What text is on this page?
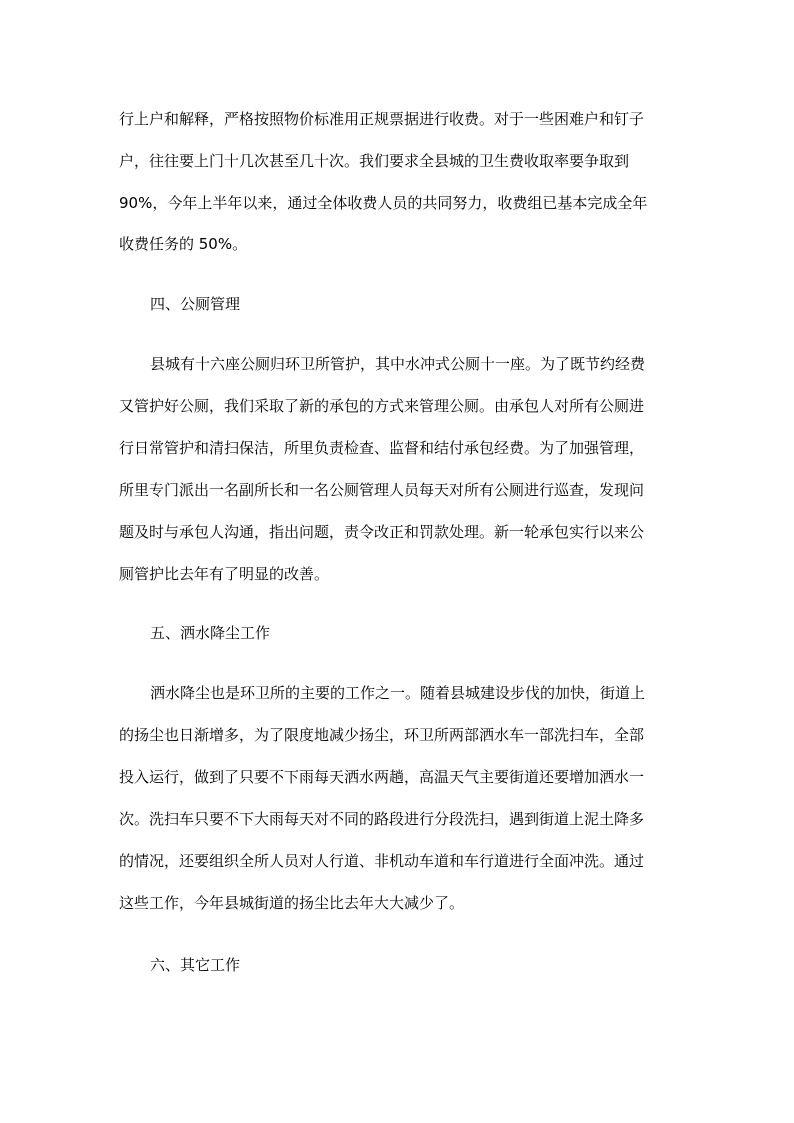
行上户和解释，严格按照物价标准用正规票据进行收费。对于一些困难户和钉子
户，往往要上门十几次甚至几十次。我们要求全县城的卫生费收取率要争取到
90%，今年上半年以来，通过全体收费人员的共同努力，收费组已基本完成全年
收费任务的 50%。
四、公厕管理
县城有十六座公厕归环卫所管护，其中水冲式公厕十一座。为了既节约经费
又管护好公厕，我们采取了新的承包的方式来管理公厕。由承包人对所有公厕进
行日常管护和清扫保洁，所里负责检查、监督和结付承包经费。为了加强管理，
所里专门派出一名副所长和一名公厕管理人员每天对所有公厕进行巡查，发现问
题及时与承包人沟通，指出问题，责令改正和罚款处理。新一轮承包实行以来公
厕管护比去年有了明显的改善。
五、洒水降尘工作
洒水降尘也是环卫所的主要的工作之一。随着县城建设步伐的加快，街道上
的扬尘也日渐增多，为了限度地减少扬尘，环卫所两部洒水车一部洗扫车，全部
投入运行，做到了只要不下雨每天洒水两趟，高温天气主要街道还要增加洒水一
次。洗扫车只要不下大雨每天对不同的路段进行分段洗扫，遇到街道上泥土降多
的情况，还要组织全所人员对人行道、非机动车道和车行道进行全面冲洗。通过
这些工作，今年县城街道的扬尘比去年大大减少了。
六、其它工作
